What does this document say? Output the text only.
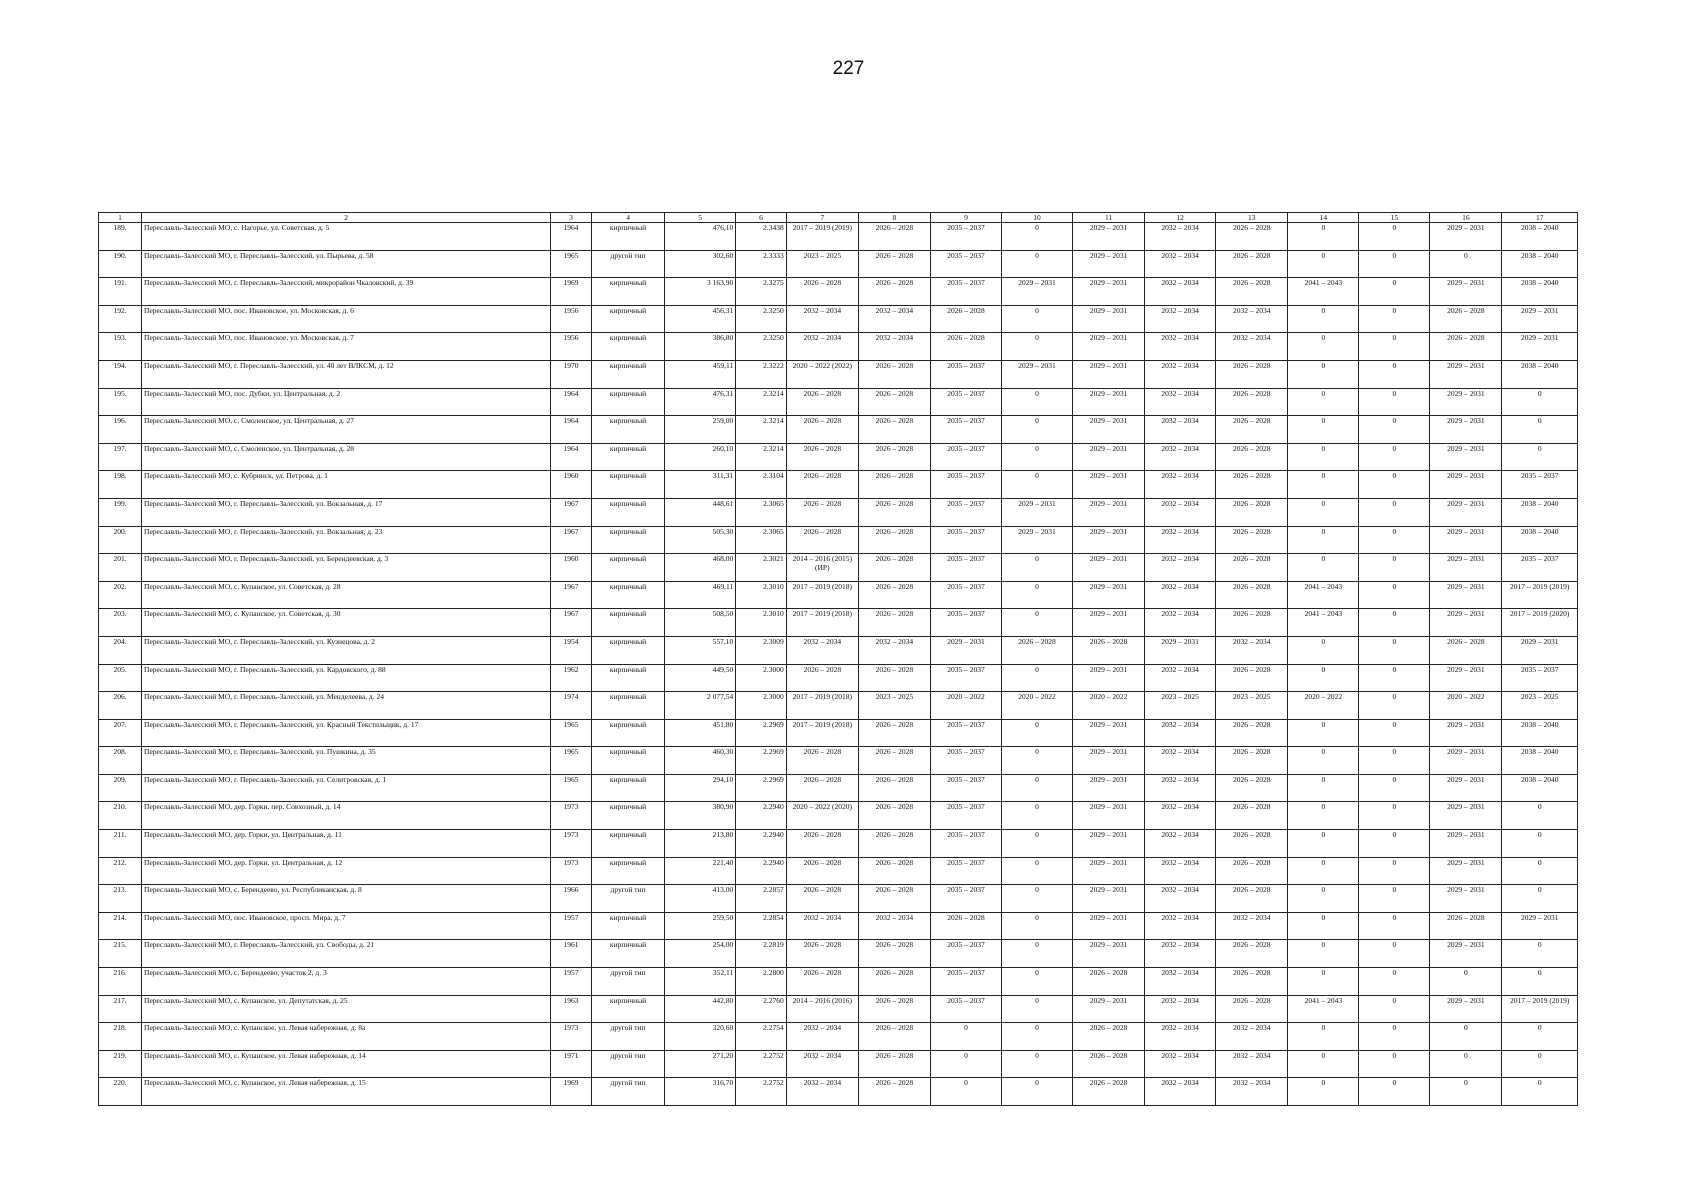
227
1	2	3	4	5	6	7	8	9	10	11	12	13	14	15	16	17
189.	Переславль-Залесский МО, с. Нагорье, ул. Советская, д. 5	1964	кирпичный	476,10	2.3438	2017 – 2019 (2019)	2026 – 2028	2035 – 2037	0	2029 – 2031	2032 – 2034	2026 – 2028	0	0	2029 – 2031	2038 – 2040
190.	Переславль-Залесский МО, г. Переславль-Залесский, ул. Пырьева, д. 58	1965	другой тип	302,60	2.3333	2023 – 2025	2026 – 2028	2035 – 2037	0	2029 – 2031	2032 – 2034	2026 – 2028	0	0	0	2038 – 2040
191.	Переславль-Залесский МО, г. Переславль-Залесский, микрорайон Чкаловский, д. 39	1969	кирпичный	3 163,90	2.3275	2026 – 2028	2026 – 2028	2035 – 2037	2029 – 2031	2029 – 2031	2032 – 2034	2026 – 2028	2041 – 2043	0	2029 – 2031	2038 – 2040
192.	Переславль-Залесский МО, пос. Ивановское, ул. Московская, д. 6	1956	кирпичный	456,31	2.3250	2032 – 2034	2032 – 2034	2026 – 2028	0	2029 – 2031	2032 – 2034	2032 – 2034	0	0	2026 – 2028	2029 – 2031
193.	Переславль-Залесский МО, пос. Ивановское, ул. Московская, д. 7	1956	кирпичный	386,80	2.3250	2032 – 2034	2032 – 2034	2026 – 2028	0	2029 – 2031	2032 – 2034	2032 – 2034	0	0	2026 – 2028	2029 – 2031
194.	Переславль-Залесский МО, г. Переславль-Залесский, ул. 40 лет ВЛКСМ, д. 12	1970	кирпичный	459,11	2.3222	2020 – 2022 (2022)	2026 – 2028	2035 – 2037	2029 – 2031	2029 – 2031	2032 – 2034	2026 – 2028	0	0	2029 – 2031	2038 – 2040
195.	Переславль-Залесский МО, пос. Дубки, ул. Центральная, д. 2	1964	кирпичный	476,31	2.3214	2026 – 2028	2026 – 2028	2035 – 2037	0	2029 – 2031	2032 – 2034	2026 – 2028	0	0	2029 – 2031	0
196.	Переславль-Залесский МО, с. Смоленское, ул. Центральная, д. 27	1964	кирпичный	259,00	2.3214	2026 – 2028	2026 – 2028	2035 – 2037	0	2029 – 2031	2032 – 2034	2026 – 2028	0	0	2029 – 2031	0
197.	Переславль-Залесский МО, с. Смоленское, ул. Центральная, д. 28	1964	кирпичный	260,10	2.3214	2026 – 2028	2026 – 2028	2035 – 2037	0	2029 – 2031	2032 – 2034	2026 – 2028	0	0	2029 – 2031	0
198.	Переславль-Залесский МО, с. Кубринск, ул. Петрова, д. 1	1960	кирпичный	311,31	2.3104	2026 – 2028	2026 – 2028	2035 – 2037	0	2029 – 2031	2032 – 2034	2026 – 2028	0	0	2029 – 2031	2035 – 2037
199.	Переславль-Залесский МО, г. Переславль-Залесский, ул. Вокзальная, д. 17	1967	кирпичный	448,61	2.3065	2026 – 2028	2026 – 2028	2035 – 2037	2029 – 2031	2029 – 2031	2032 – 2034	2026 – 2028	0	0	2029 – 2031	2038 – 2040
200.	Переславль-Залесский МО, г. Переславль-Залесский, ул. Вокзальная, д. 23	1967	кирпичный	505,30	2.3065	2026 – 2028	2026 – 2028	2035 – 2037	2029 – 2031	2029 – 2031	2032 – 2034	2026 – 2028	0	0	2029 – 2031	2038 – 2040
201.	Переславль-Залесский МО, г. Переславль-Залесский, ул. Берендеевская, д. 3	1960	кирпичный	468,00	2.3021	2014 – 2016 (2015) (ИР)	2026 – 2028	2035 – 2037	0	2029 – 2031	2032 – 2034	2026 – 2028	0	0	2029 – 2031	2035 – 2037
202.	Переславль-Залесский МО, с. Купанское, ул. Советская, д. 28	1967	кирпичный	469,11	2.3010	2017 – 2019 (2018)	2026 – 2028	2035 – 2037	0	2029 – 2031	2032 – 2034	2026 – 2028	2041 – 2043	0	2029 – 2031	2017 – 2019 (2019)
203.	Переславль-Залесский МО, с. Купанское, ул. Советская, д. 30	1967	кирпичный	508,50	2.3010	2017 – 2019 (2018)	2026 – 2028	2035 – 2037	0	2029 – 2031	2032 – 2034	2026 – 2028	2041 – 2043	0	2029 – 2031	2017 – 2019 (2020)
204.	Переславль-Залесский МО, г. Переславль-Залесский, ул. Кузнецова, д. 2	1954	кирпичный	557,10	2.3009	2032 – 2034	2032 – 2034	2029 – 2031	2026 – 2028	2026 – 2028	2029 – 2031	2032 – 2034	0	0	2026 – 2028	2029 – 2031
205.	Переславль-Залесский МО, г. Переславль-Залесский, ул. Кардовского, д. 88	1962	кирпичный	449,50	2.3000	2026 – 2028	2026 – 2028	2035 – 2037	0	2029 – 2031	2032 – 2034	2026 – 2028	0	0	2029 – 2031	2035 – 2037
206.	Переславль-Залесский МО, г. Переславль-Залесский, ул. Менделеева, д. 24	1974	кирпичный	2 077,54	2.3000	2017 – 2019 (2018)	2023 – 2025	2020 – 2022	2020 – 2022	2020 – 2022	2023 – 2025	2023 – 2025	2020 – 2022	0	2020 – 2022	2023 – 2025
207.	Переславль-Залесский МО, г. Переславль-Залесский, ул. Красный Текстильщик, д. 17	1965	кирпичный	451,80	2.2969	2017 – 2019 (2018)	2026 – 2028	2035 – 2037	0	2029 – 2031	2032 – 2034	2026 – 2028	0	0	2029 – 2031	2038 – 2040
208.	Переславль-Залесский МО, г. Переславль-Залесский, ул. Пушкина, д. 35	1965	кирпичный	460,30	2.2969	2026 – 2028	2026 – 2028	2035 – 2037	0	2029 – 2031	2032 – 2034	2026 – 2028	0	0	2029 – 2031	2038 – 2040
209.	Переславль-Залесский МО, г. Переславль-Залесский, ул. Селитровская, д. 1	1965	кирпичный	294,10	2.2969	2026 – 2028	2026 – 2028	2035 – 2037	0	2029 – 2031	2032 – 2034	2026 – 2028	0	0	2029 – 2031	2038 – 2040
210.	Переславль-Залесский МО, дер. Горки, пер. Совхозный, д. 14	1973	кирпичный	380,90	2.2940	2020 – 2022 (2020)	2026 – 2028	2035 – 2037	0	2029 – 2031	2032 – 2034	2026 – 2028	0	0	2029 – 2031	0
211.	Переславль-Залесский МО, дер. Горки, ул. Центральная, д. 11	1973	кирпичный	213,80	2.2940	2026 – 2028	2026 – 2028	2035 – 2037	0	2029 – 2031	2032 – 2034	2026 – 2028	0	0	2029 – 2031	0
212.	Переславль-Залесский МО, дер. Горки, ул. Центральная, д. 12	1973	кирпичный	221,40	2.2940	2026 – 2028	2026 – 2028	2035 – 2037	0	2029 – 2031	2032 – 2034	2026 – 2028	0	0	2029 – 2031	0
213.	Переславль-Залесский МО, с. Берендеево, ул. Республиканская, д. 8	1966	другой тип	413,00	2.2857	2026 – 2028	2026 – 2028	2035 – 2037	0	2029 – 2031	2032 – 2034	2026 – 2028	0	0	2029 – 2031	0
214.	Переславль-Залесский МО, пос. Ивановское, просп. Мира, д. 7	1957	кирпичный	259,50	2.2854	2032 – 2034	2032 – 2034	2026 – 2028	0	2029 – 2031	2032 – 2034	2032 – 2034	0	0	2026 – 2028	2029 – 2031
215.	Переславль-Залесский МО, г. Переславль-Залесский, ул. Свободы, д. 21	1961	кирпичный	254,00	2.2819	2026 – 2028	2026 – 2028	2035 – 2037	0	2029 – 2031	2032 – 2034	2026 – 2028	0	0	2029 – 2031	0
216.	Переславль-Залесский МО, с. Берендеево, участок 2, д. 3	1957	другой тип	352,11	2.2800	2026 – 2028	2026 – 2028	2035 – 2037	0	2026 – 2028	2032 – 2034	2026 – 2028	0	0	0	0
217.	Переславль-Залесский МО, с. Купанское, ул. Депутатская, д. 25	1963	кирпичный	442,80	2.2760	2014 – 2016 (2016)	2026 – 2028	2035 – 2037	0	2029 – 2031	2032 – 2034	2026 – 2028	2041 – 2043	0	2029 – 2031	2017 – 2019 (2019)
218.	Переславль-Залесский МО, с. Купанское, ул. Левая набережная, д. 8а	1973	другой тип	320,60	2.2754	2032 – 2034	2026 – 2028	0	0	2026 – 2028	2032 – 2034	2032 – 2034	0	0	0	0
219.	Переславль-Залесский МО, с. Купанское, ул. Левая набережная, д. 14	1971	другой тип	271,20	2.2752	2032 – 2034	2026 – 2028	0	0	2026 – 2028	2032 – 2034	2032 – 2034	0	0	0	0
220.	Переславль-Залесский МО, с. Купанское, ул. Левая набережная, д. 15	1969	другой тип	316,70	2.2752	2032 – 2034	2026 – 2028	0	0	2026 – 2028	2032 – 2034	2032 – 2034	0	0	0	0
